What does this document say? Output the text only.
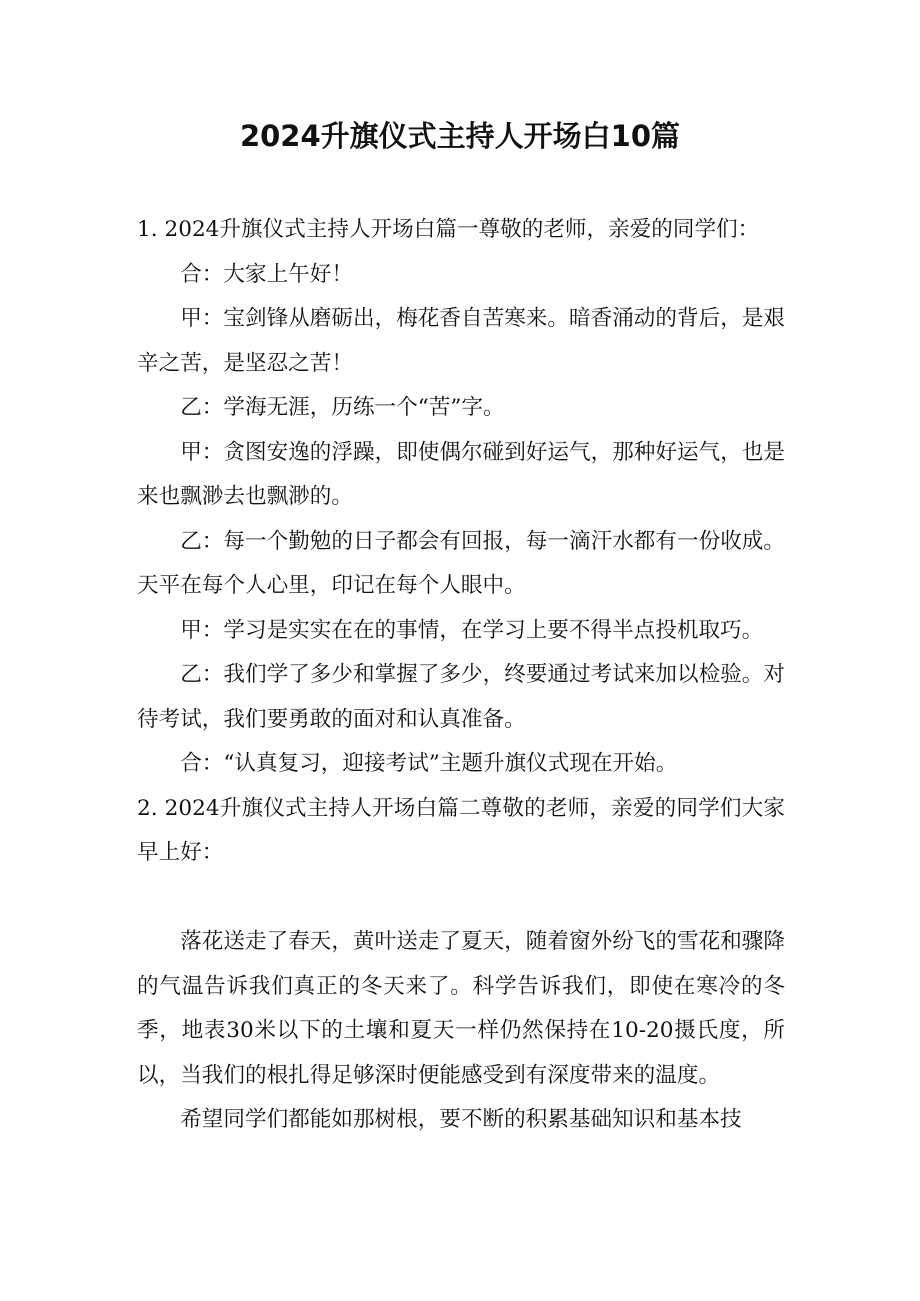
2024升旗仪式主持人开场白10篇

1. 2024升旗仪式主持人开场白篇一尊敬的老师，亲爱的同学们：

合：大家上午好！

甲：宝剑锋从磨砺出，梅花香自苦寒来。暗香涌动的背后，是艰辛之苦，是坚忍之苦！

乙：学海无涯，历练一个“苦”字。

甲：贪图安逸的浮躁，即使偶尔碰到好运气，那种好运气，也是来也飘渺去也飘渺的。

乙：每一个勤勉的日子都会有回报，每一滴汗水都有一份收成。天平在每个人心里，印记在每个人眼中。

甲：学习是实实在在的事情，在学习上要不得半点投机取巧。

乙：我们学了多少和掌握了多少，终要通过考试来加以检验。对待考试，我们要勇敢的面对和认真准备。

合：“认真复习，迎接考试”主题升旗仪式现在开始。

2. 2024升旗仪式主持人开场白篇二尊敬的老师，亲爱的同学们大家早上好：

落花送走了春天，黄叶送走了夏天，随着窗外纷飞的雪花和骤降的气温告诉我们真正的冬天来了。科学告诉我们，即使在寒冷的冬季，地表30米以下的土壤和夏天一样仍然保持在10-20摄氏度，所以，当我们的根扎得足够深时便能感受到有深度带来的温度。

希望同学们都能如那树根，要不断的积累基础知识和基本技
